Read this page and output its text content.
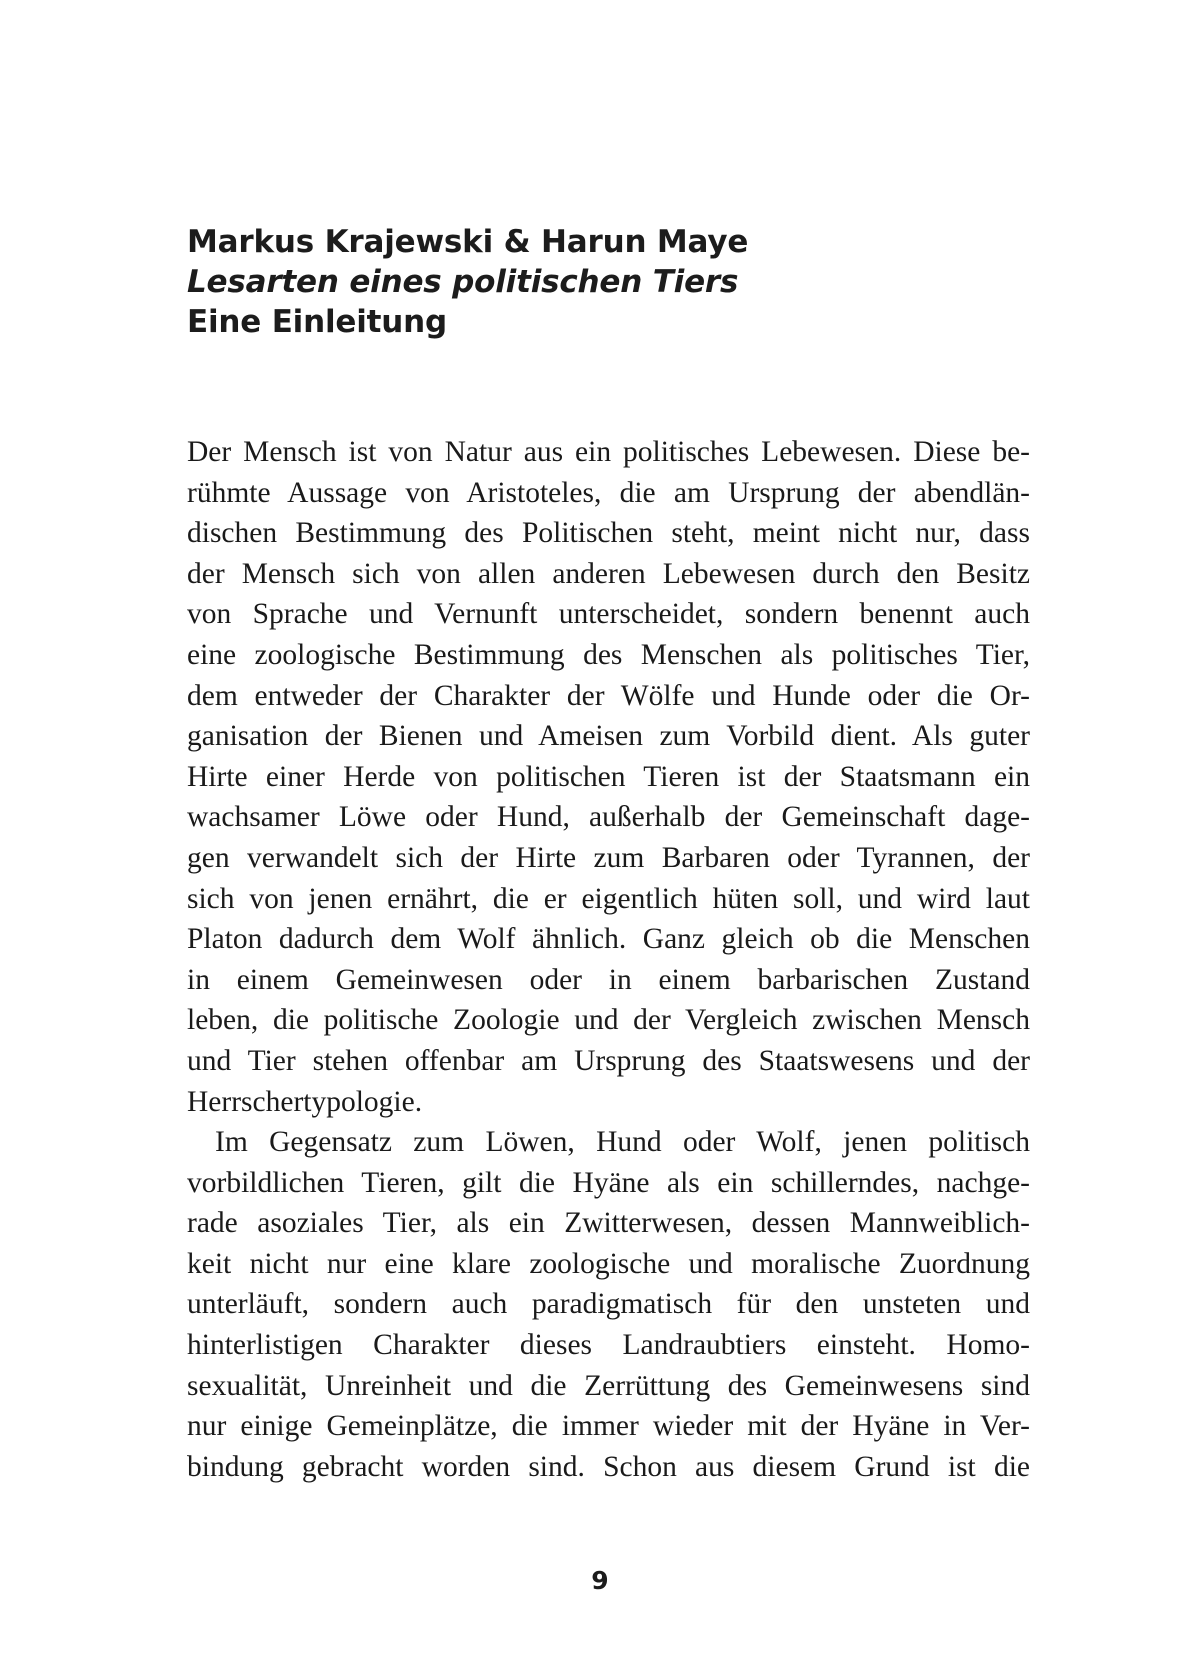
Markus Krajewski & Harun Maye
Lesarten eines politischen Tiers
Eine Einleitung
Der Mensch ist von Natur aus ein politisches Lebewesen. Diese be-
rühmte Aussage von Aristoteles, die am Ursprung der abendlän-
dischen Bestimmung des Politischen steht, meint nicht nur, dass
der Mensch sich von allen anderen Lebewesen durch den Besitz
von Sprache und Vernunft unterscheidet, sondern benennt auch
eine zoologische Bestimmung des Menschen als politisches Tier,
dem entweder der Charakter der Wölfe und Hunde oder die Or-
ganisation der Bienen und Ameisen zum Vorbild dient. Als guter
Hirte einer Herde von politischen Tieren ist der Staatsmann ein
wachsamer Löwe oder Hund, außerhalb der Gemeinschaft dage-
gen verwandelt sich der Hirte zum Barbaren oder Tyrannen, der
sich von jenen ernährt, die er eigentlich hüten soll, und wird laut
Platon dadurch dem Wolf ähnlich. Ganz gleich ob die Menschen
in einem Gemeinwesen oder in einem barbarischen Zustand
leben, die politische Zoologie und der Vergleich zwischen Mensch
und Tier stehen offenbar am Ursprung des Staatswesens und der
Herrschertypologie.
Im Gegensatz zum Löwen, Hund oder Wolf, jenen politisch
vorbildlichen Tieren, gilt die Hyäne als ein schillerndes, nachge-
rade asoziales Tier, als ein Zwitterwesen, dessen Mannweiblich-
keit nicht nur eine klare zoologische und moralische Zuordnung
unterläuft, sondern auch paradigmatisch für den unsteten und
hinterlistigen Charakter dieses Landraubtiers einsteht. Homo-
sexualität, Unreinheit und die Zerrüttung des Gemeinwesens sind
nur einige Gemeinplätze, die immer wieder mit der Hyäne in Ver-
bindung gebracht worden sind. Schon aus diesem Grund ist die
9
